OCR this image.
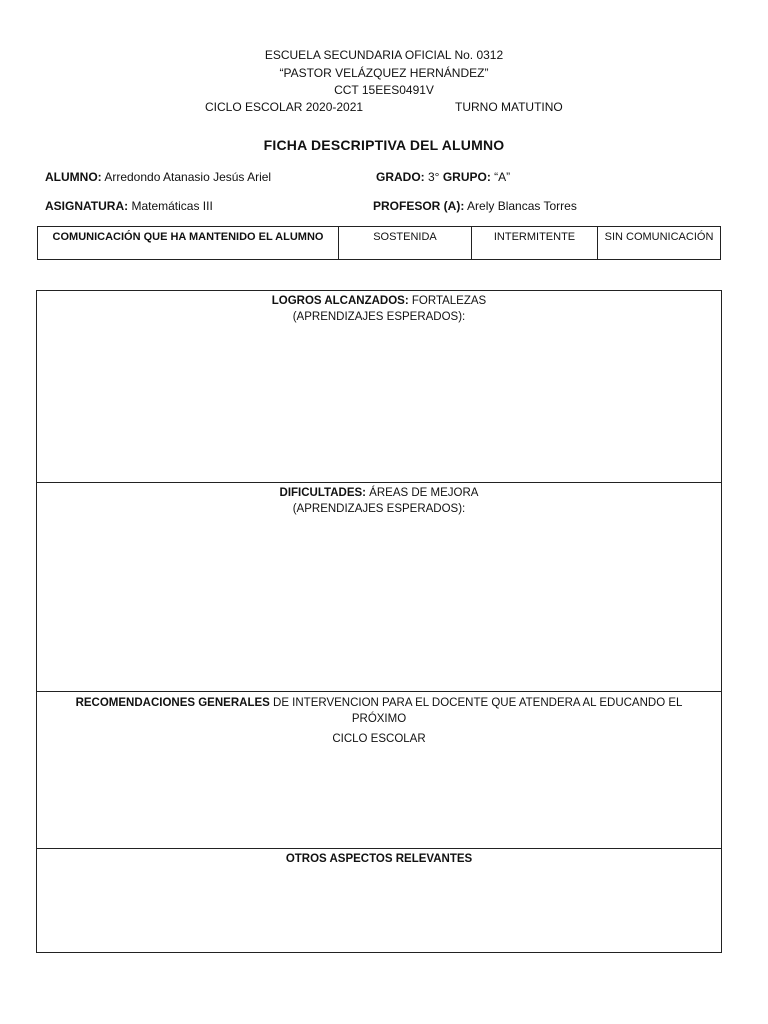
ESCUELA SECUNDARIA OFICIAL No. 0312
“PASTOR VELÁZQUEZ HERNÁNDEZ”
CCT 15EES0491V
CICLO ESCOLAR 2020-2021	TURNO MATUTINO
FICHA DESCRIPTIVA DEL ALUMNO
ALUMNO: Arredondo Atanasio Jesús Ariel	GRADO: 3° GRUPO: “A”
ASIGNATURA: Matemáticas III	PROFESOR (A): Arely Blancas Torres
COMUNICACIÓN QUE HA MANTENIDO EL ALUMNO	SOSTENIDA	INTERMITENTE	SIN COMUNICACIÓN
LOGROS ALCANZADOS: FORTALEZAS
(APRENDIZAJES ESPERADOS):
DIFICULTADES: ÁREAS DE MEJORA
(APRENDIZAJES ESPERADOS):
RECOMENDACIONES GENERALES DE INTERVENCION PARA EL DOCENTE QUE ATENDERA AL EDUCANDO EL PRÓXIMO
CICLO ESCOLAR
OTROS ASPECTOS RELEVANTES
